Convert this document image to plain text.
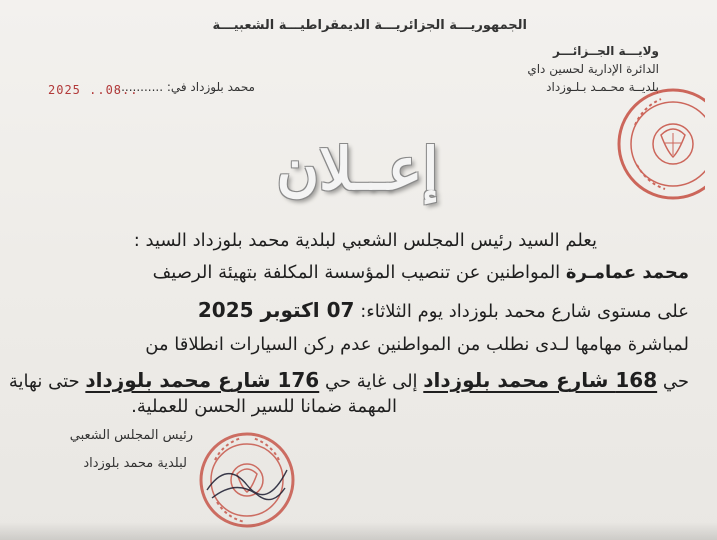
الجمهوريـــة الجزائريـــة الديمقراطيـــة الشعبيـــة
ولايـــة الجــزائـــر
الدائرة الإدارية لحسين داي
بلديــة محـمـد بـلـوزداد
محمد بلوزداد في: .............
2025 ..08..
إعــلان
يعلم السيد رئيس المجلس الشعبي لبلدية محمد بلوزداد السيد :
محمد عمامـرة المواطنين عن تنصيب المؤسسة المكلفة بتهيئة الرصيف
على مستوى شارع محمد بلوزداد يوم الثلاثاء: 07 اكتوبر 2025
لمباشرة مهامها لـدى نطلب من المواطنين عدم ركن السيارات انطلاقا من
حي 168 شارع محمد بلوزداد إلى غاية حي 176 شارع محمد بلوزداد حتى نهاية
المهمة ضمانا للسير الحسن للعملية.
رئيس المجلس الشعبي
لبلدية محمد بلوزداد
